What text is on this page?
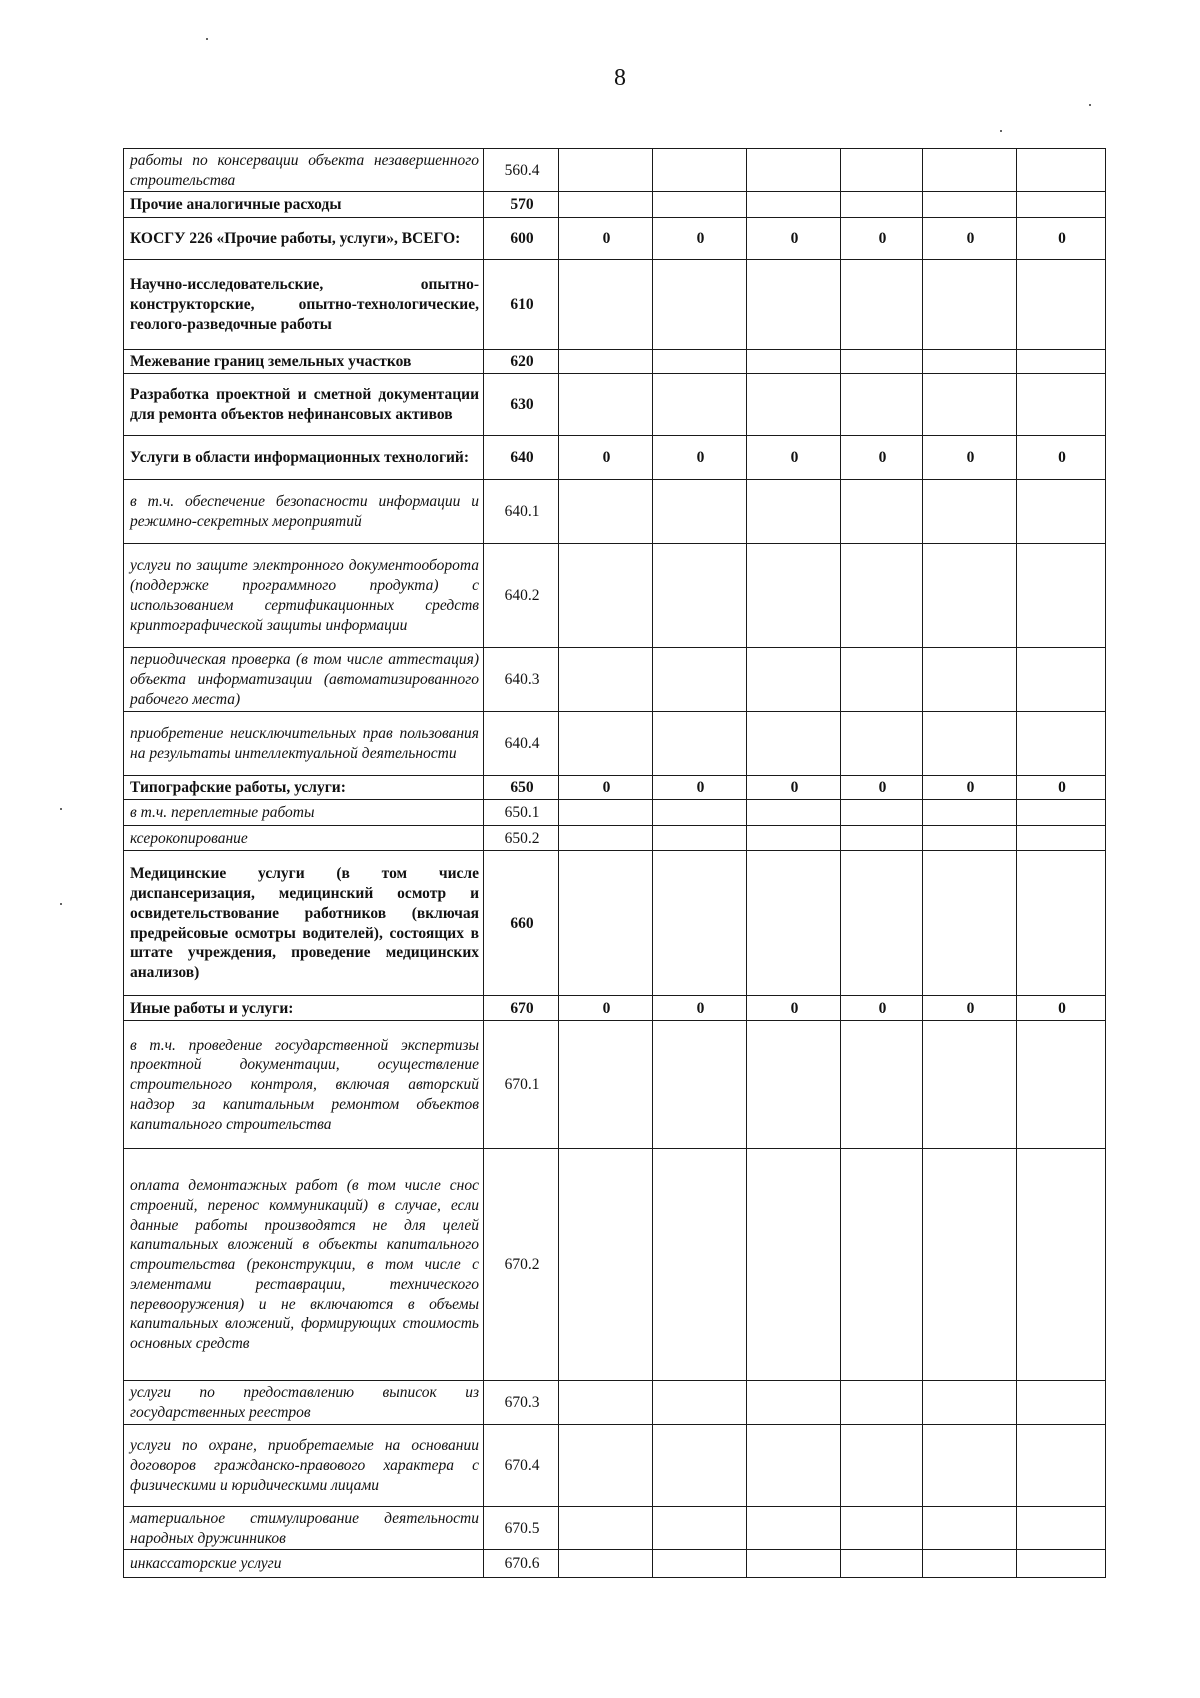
8
работы по консервации объекта незавершенного строительства	560.4						
Прочие аналогичные расходы	570						
КОСГУ 226 «Прочие работы, услуги», ВСЕГО:	600	0	0	0	0	0	0
Научно-исследовательские, опытно-конструкторские, опытно-технологические, геолого-разведочные работы	610						
Межевание границ земельных участков	620						
Разработка проектной и сметной документации для ремонта объектов нефинансовых активов	630						
Услуги в области информационных технологий:	640	0	0	0	0	0	0
в т.ч. обеспечение безопасности информации и режимно-секретных мероприятий	640.1						
услуги по защите электронного документооборота (поддержке программного продукта) с использованием сертификационных средств криптографической защиты информации	640.2						
периодическая проверка (в том числе аттестация) объекта информатизации (автоматизированного рабочего места)	640.3						
приобретение неисключительных прав пользования на результаты интеллектуальной деятельности	640.4						
Типографские работы, услуги:	650	0	0	0	0	0	0
в т.ч. переплетные работы	650.1						
ксерокопирование	650.2						
Медицинские услуги (в том числе диспансеризация, медицинский осмотр и освидетельствование работников (включая предрейсовые осмотры водителей), состоящих в штате учреждения, проведение медицинских анализов)	660						
Иные работы и услуги:	670	0	0	0	0	0	0
в т.ч. проведение государственной экспертизы проектной документации, осуществление строительного контроля, включая авторский надзор за капитальным ремонтом объектов капитального строительства	670.1						
оплата демонтажных работ (в том числе снос строений, перенос коммуникаций) в случае, если данные работы производятся не для целей капитальных вложений в объекты капитального строительства (реконструкции, в том числе с элементами реставрации, технического перевооружения) и не включаются в объемы капитальных вложений, формирующих стоимость основных средств	670.2						
услуги по предоставлению выписок из государственных реестров	670.3						
услуги по охране, приобретаемые на основании договоров гражданско-правового характера с физическими и юридическими лицами	670.4						
материальное стимулирование деятельности народных дружинников	670.5						
инкассаторские услуги	670.6						
